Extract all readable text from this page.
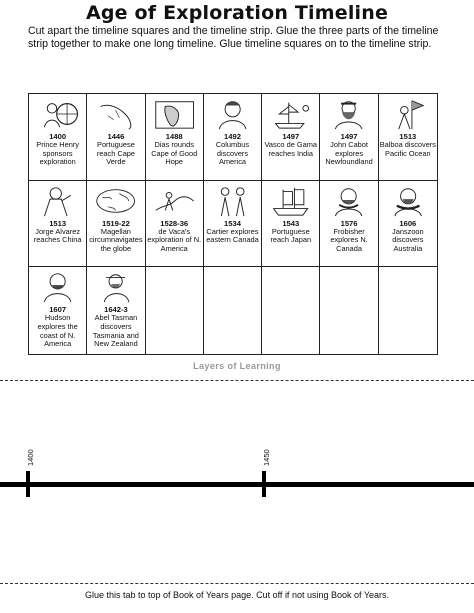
Age of Exploration Timeline
Cut apart the timeline squares and the timeline strip. Glue the three parts of the timeline strip together to make one long timeline. Glue timeline squares on to the timeline strip.
1400
Prince Henry sponsors exploration
1446
Portuguese reach Cape Verde
1488
Dias rounds Cape of Good Hope
1492
Columbus discovers America
1497
Vasco de Gama reaches India
1497
John Cabot explores Newfoundland
1513
Balboa discovers Pacific Ocean
1513
Jorge Alvarez reaches China
1519-22
Magellan circumnavigates the globe
1528-36
de Vaca's exploration of N. America
1534
Cartier explores eastern Canada
1543
Portuguese reach Japan
1576
Frobisher explores N. Canada
1606
Janszoon discovers Australia
1607
Hudson explores the coast of N. America
1642-3
Abel Tasman discovers Tasmania and New Zealand
Layers of Learning
1400	1450
Glue this tab to top of Book of Years page. Cut off if not using Book of Years.
